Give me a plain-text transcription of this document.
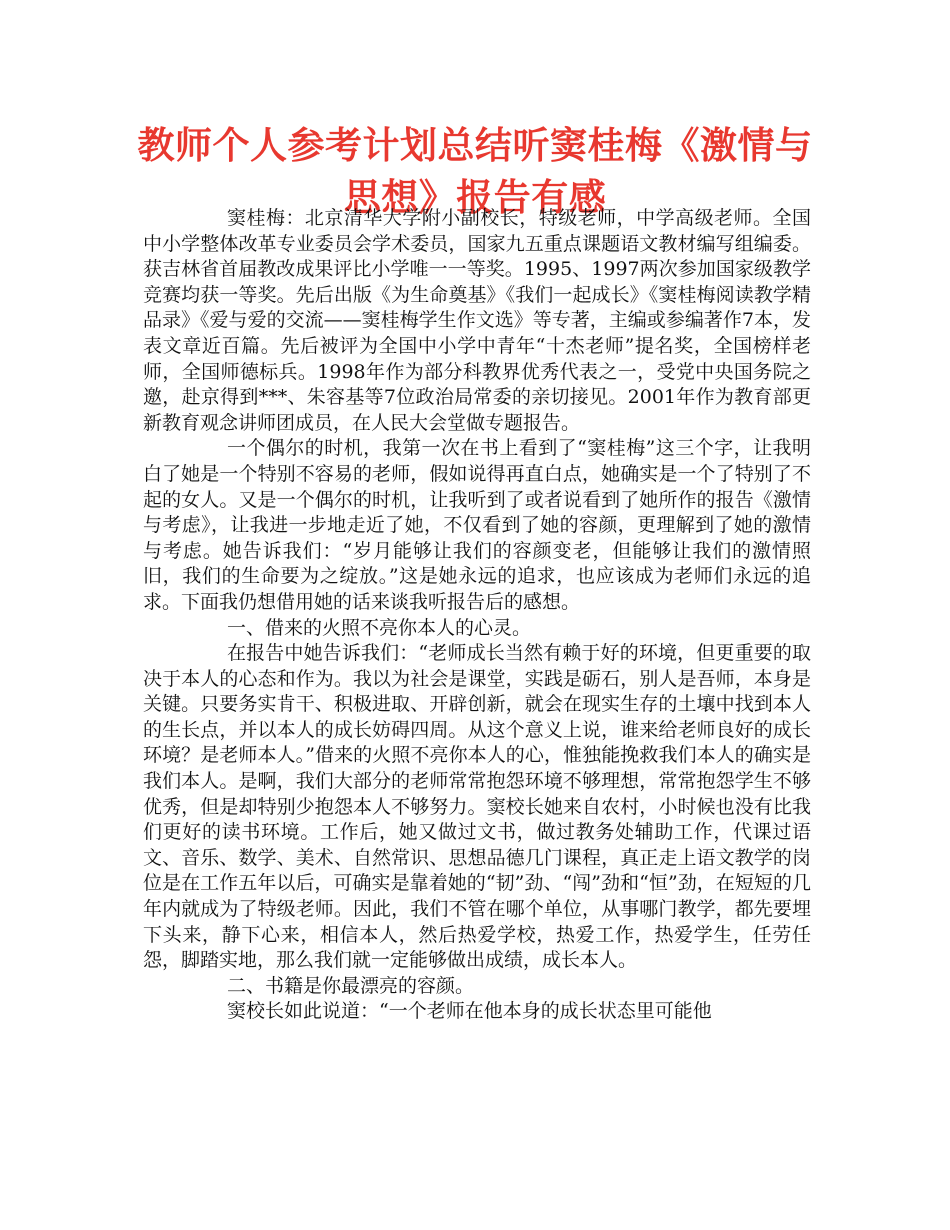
教师个人参考计划总结听窦桂梅《激情与思想》报告有感

窦桂梅：北京清华大学附小副校长，特级老师，中学高级老师。全国中小学整体改革专业委员会学术委员，国家九五重点课题语文教材编写组编委。获吉林省首届教改成果评比小学唯一一等奖。1995、1997两次参加国家级教学竞赛均获一等奖。先后出版《为生命奠基》《我们一起成长》《窦桂梅阅读教学精品录》《爱与爱的交流——窦桂梅学生作文选》等专著，主编或参编著作7本，发表文章近百篇。先后被评为全国中小学中青年“十杰老师”提名奖，全国榜样老师，全国师德标兵。1998年作为部分科教界优秀代表之一，受党中央国务院之邀，赴京得到***、朱容基等7位政治局常委的亲切接见。2001年作为教育部更新教育观念讲师团成员，在人民大会堂做专题报告。

一个偶尔的时机，我第一次在书上看到了“窦桂梅”这三个字，让我明白了她是一个特别不容易的老师，假如说得再直白点，她确实是一个了特别了不起的女人。又是一个偶尔的时机，让我听到了或者说看到了她所作的报告《激情与考虑》，让我进一步地走近了她，不仅看到了她的容颜，更理解到了她的激情与考虑。她告诉我们：“岁月能够让我们的容颜变老，但能够让我们的激情照旧，我们的生命要为之绽放。”这是她永远的追求，也应该成为老师们永远的追求。下面我仍想借用她的话来谈我听报告后的感想。

一、借来的火照不亮你本人的心灵。

在报告中她告诉我们：“老师成长当然有赖于好的环境，但更重要的取决于本人的心态和作为。我以为社会是课堂，实践是砺石，别人是吾师，本身是关键。只要务实肯干、积极进取、开辟创新，就会在现实生存的土壤中找到本人的生长点，并以本人的成长妨碍四周。从这个意义上说，谁来给老师良好的成长环境？是老师本人。”借来的火照不亮你本人的心，惟独能挽救我们本人的确实是我们本人。是啊，我们大部分的老师常常抱怨环境不够理想，常常抱怨学生不够优秀，但是却特别少抱怨本人不够努力。窦校长她来自农村，小时候也没有比我们更好的读书环境。工作后，她又做过文书，做过教务处辅助工作，代课过语文、音乐、数学、美术、自然常识、思想品德几门课程，真正走上语文教学的岗位是在工作五年以后，可确实是靠着她的“韧”劲、“闯”劲和“恒”劲，在短短的几年内就成为了特级老师。因此，我们不管在哪个单位，从事哪门教学，都先要埋下头来，静下心来，相信本人，然后热爱学校，热爱工作，热爱学生，任劳任怨，脚踏实地，那么我们就一定能够做出成绩，成长本人。

二、书籍是你最漂亮的容颜。

窦校长如此说道：“一个老师在他本身的成长状态里可能他
